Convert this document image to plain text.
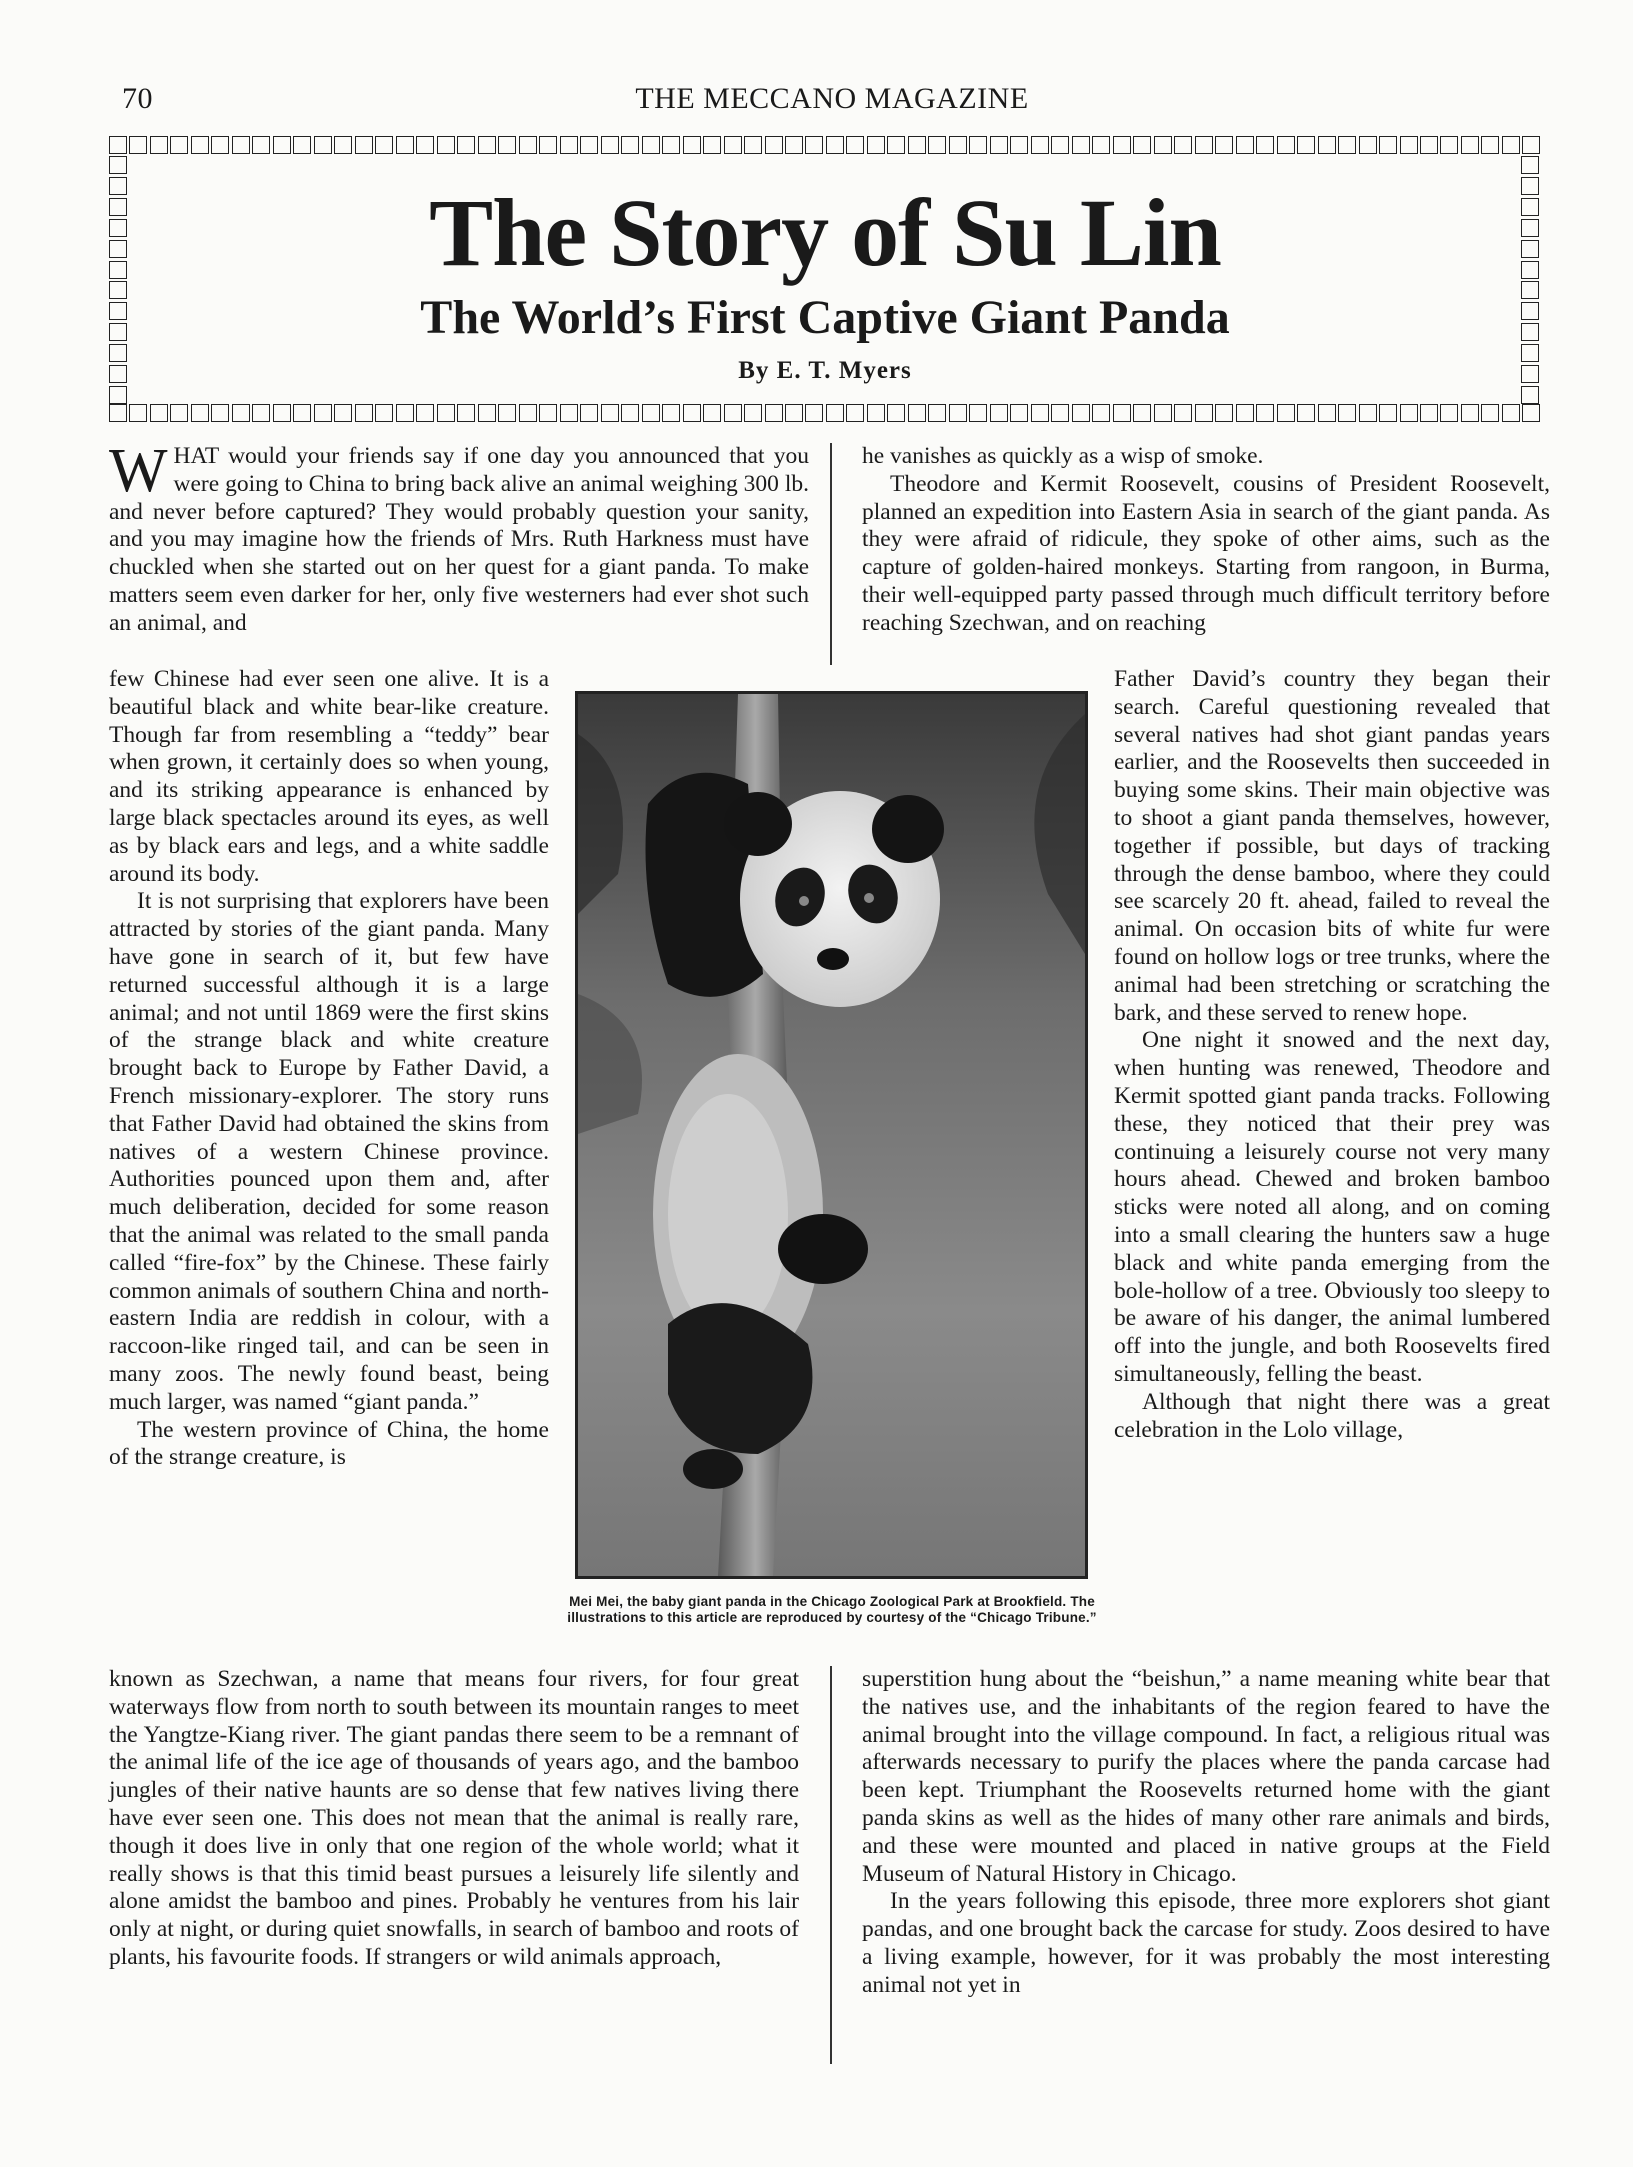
70	THE MECCANO MAGAZINE
The Story of Su Lin
The World’s First Captive Giant Panda
By E. T. Myers

WHAT would your friends say if one day you announced that you were going to China to bring back alive an animal weighing 300 lb. and never before captured? They would probably question your sanity, and you may imagine how the friends of Mrs. Ruth Harkness must have chuckled when she started out on her quest for a giant panda. To make matters seem even darker for her, only five westerners had ever shot such an animal, and

few Chinese had ever seen one alive. It is a beautiful black and white bear-like creature. Though far from resembling a “teddy” bear when grown, it certainly does so when young, and its striking appearance is enhanced by large black spectacles around its eyes, as well as by black ears and legs, and a white saddle around its body.

It is not surprising that explorers have been attracted by stories of the giant panda. Many have gone in search of it, but few have returned successful although it is a large animal; and not until 1869 were the first skins of the strange black and white creature brought back to Europe by Father David, a French missionary-explorer. The story runs that Father David had obtained the skins from natives of a western Chinese province. Authorities pounced upon them and, after much deliberation, decided for some reason that the animal was related to the small panda called “fire-fox” by the Chinese. These fairly common animals of southern China and north-eastern India are reddish in colour, with a raccoon-like ringed tail, and can be seen in many zoos. The newly found beast, being much larger, was named “giant panda.”

The western province of China, the home of the strange creature, is

known as Szechwan, a name that means four rivers, for four great waterways flow from north to south between its mountain ranges to meet the Yangtze-Kiang river. The giant pandas there seem to be a remnant of the animal life of the ice age of thousands of years ago, and the bamboo jungles of their native haunts are so dense that few natives living there have ever seen one. This does not mean that the animal is really rare, though it does live in only that one region of the whole world; what it really shows is that this timid beast pursues a leisurely life silently and alone amidst the bamboo and pines. Probably he ventures from his lair only at night, or during quiet snowfalls, in search of bamboo and roots of plants, his favourite foods. If strangers or wild animals approach,

he vanishes as quickly as a wisp of smoke.

Theodore and Kermit Roosevelt, cousins of President Roosevelt, planned an expedition into Eastern Asia in search of the giant panda. As they were afraid of ridicule, they spoke of other aims, such as the capture of golden-haired monkeys. Starting from rangoon, in Burma, their well-equipped party passed through much difficult territory before reaching Szechwan, and on reaching

Father David’s country they began their search. Careful questioning revealed that several natives had shot giant pandas years earlier, and the Roosevelts then succeeded in buying some skins. Their main objective was to shoot a giant panda themselves, however, together if possible, but days of tracking through the dense bamboo, where they could see scarcely 20 ft. ahead, failed to reveal the animal. On occasion bits of white fur were found on hollow logs or tree trunks, where the animal had been stretching or scratching the bark, and these served to renew hope.

One night it snowed and the next day, when hunting was renewed, Theodore and Kermit spotted giant panda tracks. Following these, they noticed that their prey was continuing a leisurely course not very many hours ahead. Chewed and broken bamboo sticks were noted all along, and on coming into a small clearing the hunters saw a huge black and white panda emerging from the bole-hollow of a tree. Obviously too sleepy to be aware of his danger, the animal lumbered off into the jungle, and both Roosevelts fired simultaneously, felling the beast.

Although that night there was a great celebration in the Lolo village,

superstition hung about the “beishun,” a name meaning white bear that the natives use, and the inhabitants of the region feared to have the animal brought into the village compound. In fact, a religious ritual was afterwards necessary to purify the places where the panda carcase had been kept. Triumphant the Roosevelts returned home with the giant panda skins as well as the hides of many other rare animals and birds, and these were mounted and placed in native groups at the Field Museum of Natural History in Chicago.

In the years following this episode, three more explorers shot giant pandas, and one brought back the carcase for study. Zoos desired to have a living example, however, for it was probably the most interesting animal not yet in

Mei Mei, the baby giant panda in the Chicago Zoological Park at Brookfield. The illustrations to this article are reproduced by courtesy of the “Chicago Tribune.”
